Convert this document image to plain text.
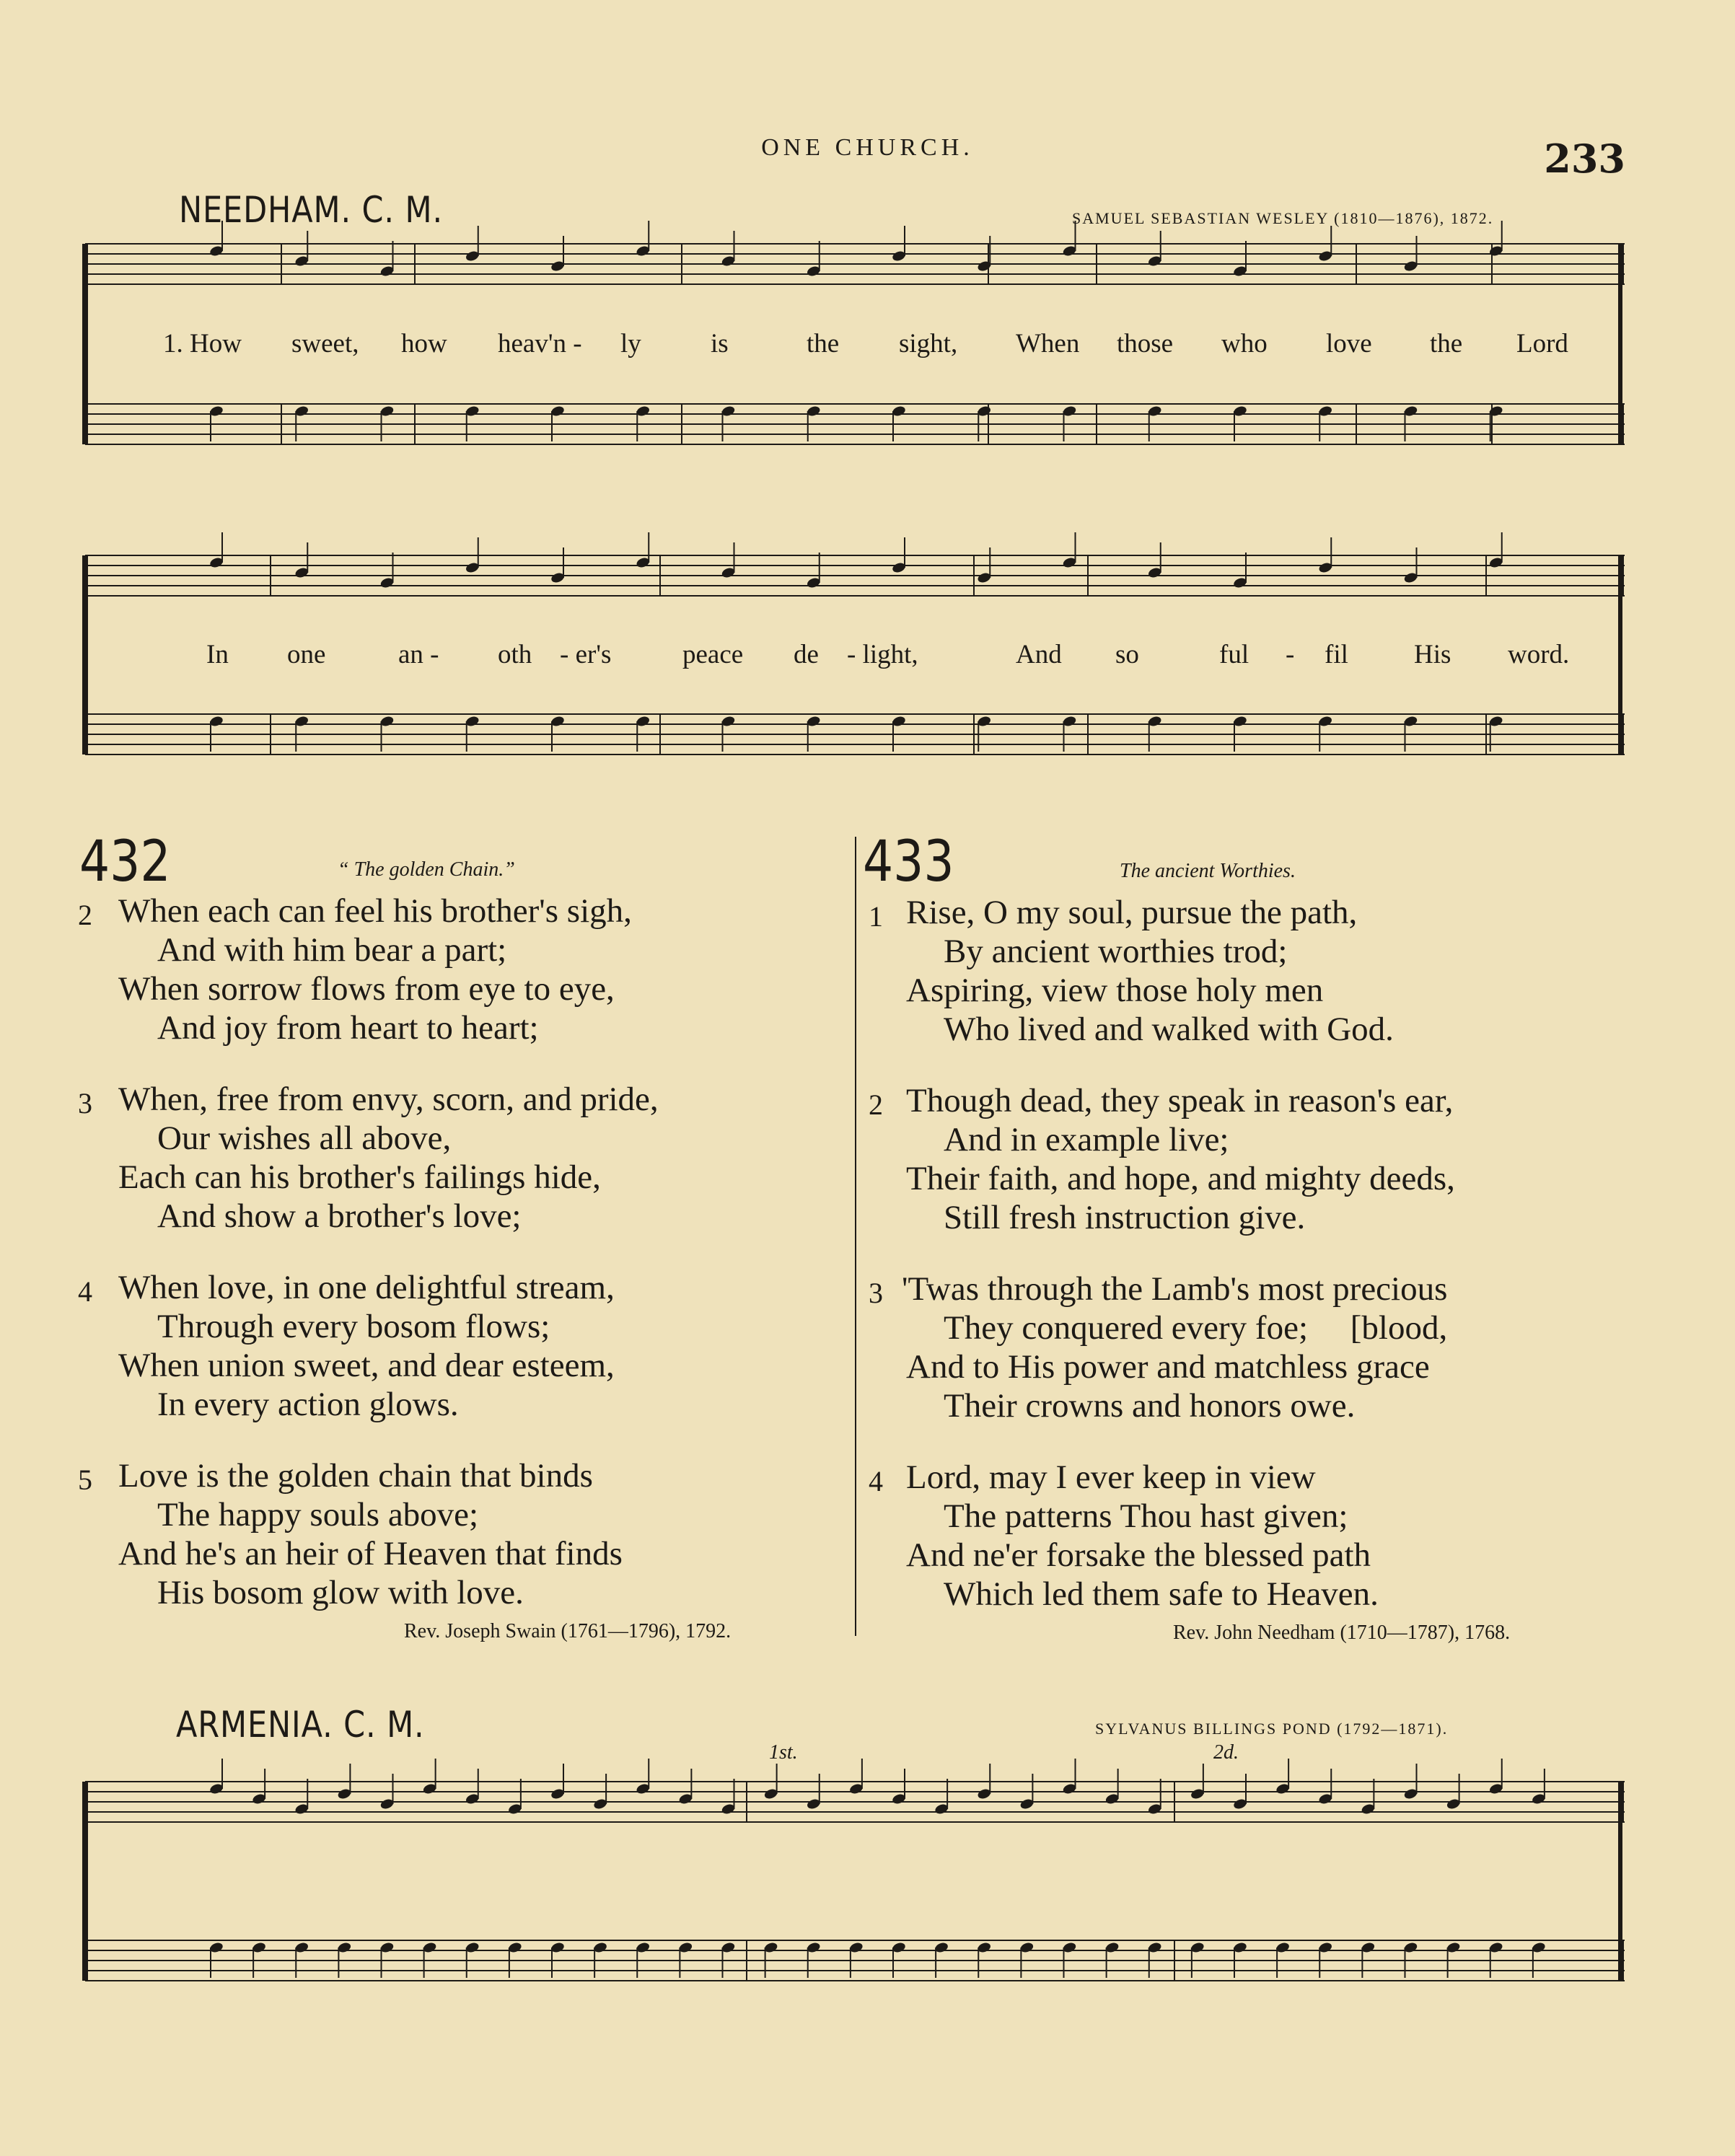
ONE CHURCH.	233
NEEDHAM. C. M.	SAMUEL SEBASTIAN WESLEY (1810—1876), 1872.
1. How sweet, how heav'n - ly	is	the sight, When those who love the Lord
In one	an - oth - er's	peace de - light,	And so	ful - fil His word.
432	“ The golden Chain.”
2 When each can feel his brother's sigh,
And with him bear a part;
When sorrow flows from eye to eye,
And joy from heart to heart;
3 When, free from envy, scorn, and pride,
Our wishes all above,
Each can his brother's failings hide,
And show a brother's love;
4 When love, in one delightful stream,
Through every bosom flows;
When union sweet, and dear esteem,
In every action glows.
5 Love is the golden chain that binds
The happy souls above;
And he's an heir of Heaven that finds
His bosom glow with love.
Rev. Joseph Swain (1761—1796), 1792.
433	The ancient Worthies.
1 Rise, O my soul, pursue the path,
By ancient worthies trod;
Aspiring, view those holy men
Who lived and walked with God.
2 Though dead, they speak in reason's ear,
And in example live;
Their faith, and hope, and mighty deeds,
Still fresh instruction give.
3 'Twas through the Lamb's most precious
They conquered every foe;     [blood,
And to His power and matchless grace
Their crowns and honors owe.
4 Lord, may I ever keep in view
The patterns Thou hast given;
And ne'er forsake the blessed path
Which led them safe to Heaven.
Rev. John Needham (1710—1787), 1768.
ARMENIA. C. M.	SYLVANUS BILLINGS POND (1792—1871).
1st.	2d.
